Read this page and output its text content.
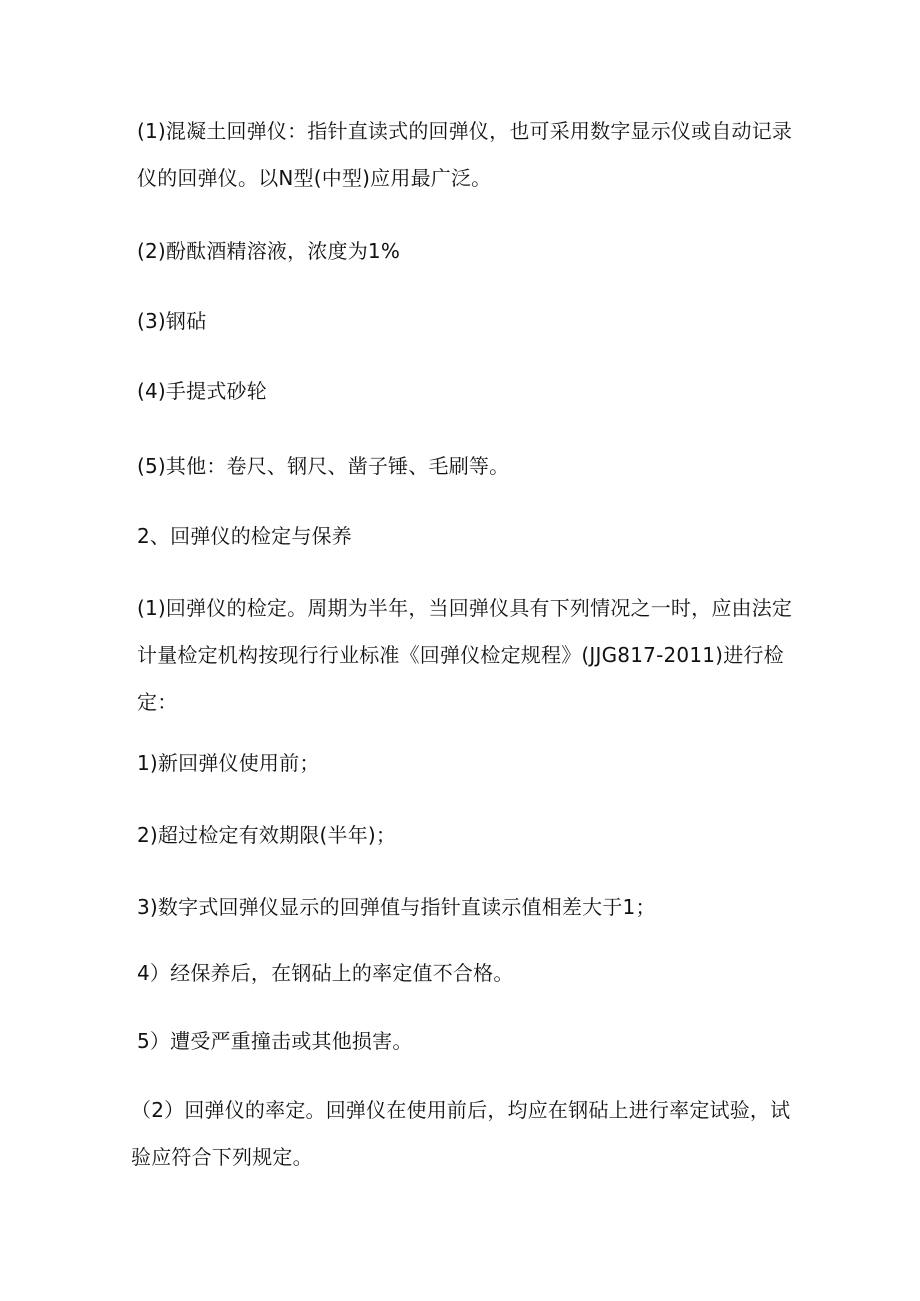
(1)混凝土回弹仪：指针直读式的回弹仪，也可采用数字显示仪或自动记录仪的回弹仪。以N型(中型)应用最广泛。

(2)酚酞酒精溶液，浓度为1%

(3)钢砧

(4)手提式砂轮

(5)其他：卷尺、钢尺、凿子锤、毛刷等。

2、回弹仪的检定与保养

(1)回弹仪的检定。周期为半年，当回弹仪具有下列情况之一时，应由法定计量检定机构按现行行业标准《回弹仪检定规程》(JJG817-2011)进行检定：

1)新回弹仪使用前；

2)超过检定有效期限(半年)；

3)数字式回弹仪显示的回弹值与指针直读示值相差大于1；

4）经保养后，在钢砧上的率定值不合格。

5）遭受严重撞击或其他损害。

（2）回弹仪的率定。回弹仪在使用前后，均应在钢砧上进行率定试验，试验应符合下列规定。
